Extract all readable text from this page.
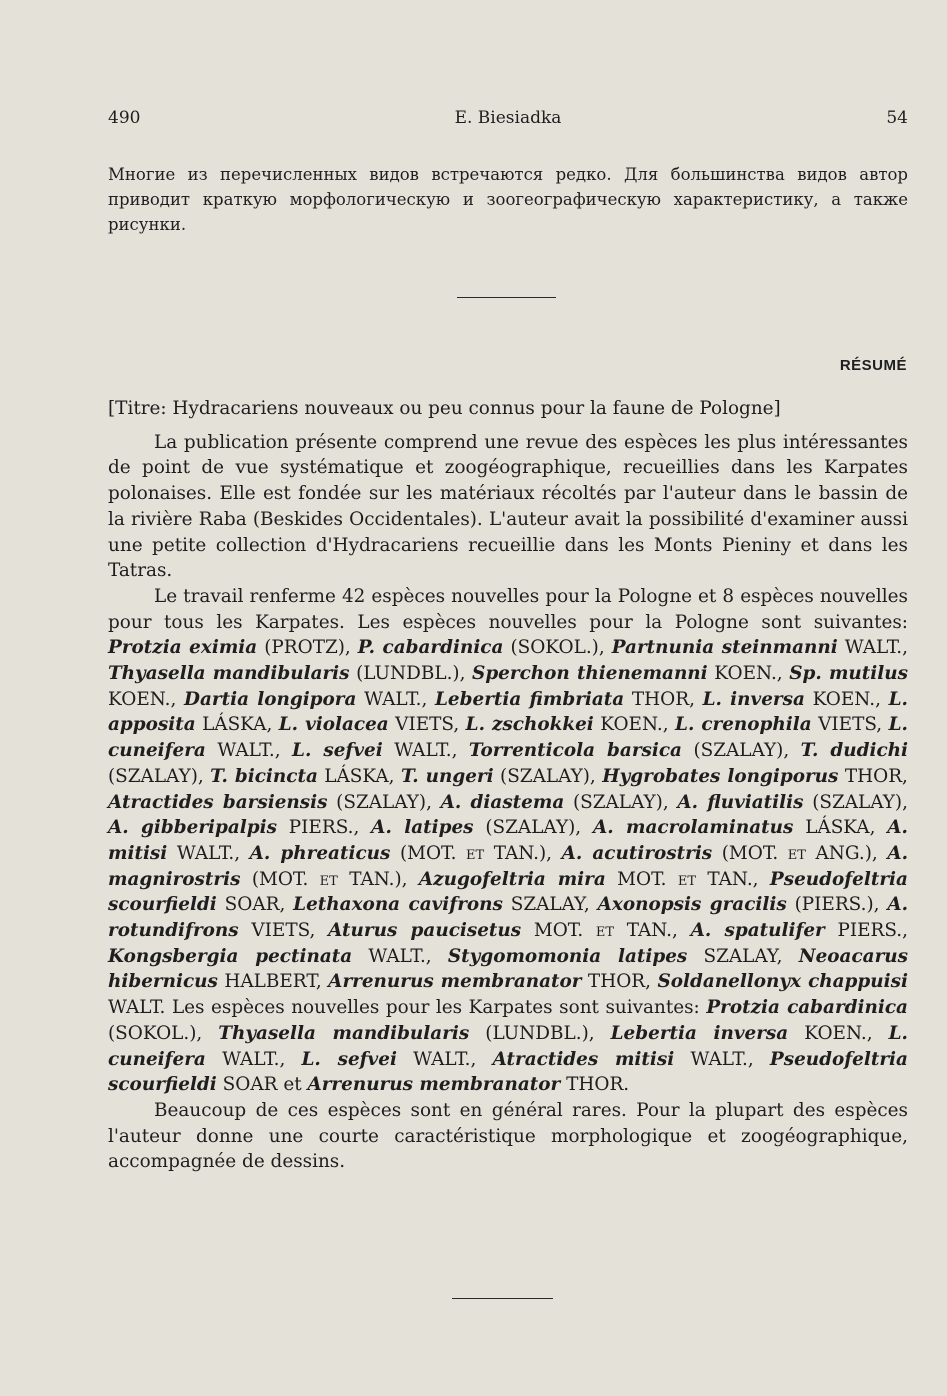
490	E. Biesiadka	54

Многие из перечисленных видов встречаются редко. Для большинства видов автор приводит краткую морфологическую и зоогеографическую характеристику, а также рисунки.

RÉSUMÉ

[Titre: Hydracariens nouveaux ou peu connus pour la faune de Pologne]

La publication présente comprend une revue des espèces les plus intéressantes de point de vue systématique et zoogéographique, recueillies dans les Karpates polonaises. Elle est fondée sur les matériaux récoltés par l'auteur dans le bassin de la rivière Raba (Beskides Occidentales). L'auteur avait la possibilité d'examiner aussi une petite collection d'Hydracariens recueillie dans les Monts Pieniny et dans les Tatras.

Le travail renferme 42 espèces nouvelles pour la Pologne et 8 espèces nouvelles pour tous les Karpates. Les espèces nouvelles pour la Pologne sont suivantes: Protzia eximia (PROTZ), P. cabardinica (SOKOL.), Partnunia steinmanni WALT., Thyasella mandibularis (LUNDBL.), Sperchon thienemanni KOEN., Sp. mutilus KOEN., Dartia longipora WALT., Lebertia fimbriata THOR, L. inversa KOEN., L. apposita LÁSKA, L. violacea VIETS, L. zschokkei KOEN., L. crenophila VIETS, L. cuneifera WALT., L. sefvei WALT., Torrenticola barsica (SZALAY), T. dudichi (SZALAY), T. bicincta LÁSKA, T. ungeri (SZALAY), Hygrobates longiporus THOR, Atractides barsiensis (SZALAY), A. diastema (SZALAY), A. fluviatilis (SZALAY), A. gibberipalpis PIERS., A. latipes (SZALAY), A. macrolaminatus LÁSKA, A. mitisi WALT., A. phreaticus (MOT. et TAN.), A. acutirostris (MOT. et ANG.), A. magnirostris (MOT. et TAN.), Azugofeltria mira MOT. et TAN., Pseudofeltria scourfieldi SOAR, Lethaxona cavifrons SZALAY, Axonopsis gracilis (PIERS.), A. rotundifrons VIETS, Aturus paucisetus MOT. et TAN., A. spatulifer PIERS., Kongsbergia pectinata WALT., Stygomomonia latipes SZALAY, Neoacarus hibernicus HALBERT, Arrenurus membranator THOR, Soldanellonyx chappuisi WALT. Les espèces nouvelles pour les Karpates sont suivantes: Protzia cabardinica (SOKOL.), Thyasella mandibularis (LUNDBL.), Lebertia inversa KOEN., L. cuneifera WALT., L. sefvei WALT., Atractides mitisi WALT., Pseudofeltria scourfieldi SOAR et Arrenurus membranator THOR.

Beaucoup de ces espèces sont en général rares. Pour la plupart des espèces l'auteur donne une courte caractéristique morphologique et zoogéographique, accompagnée de dessins.
